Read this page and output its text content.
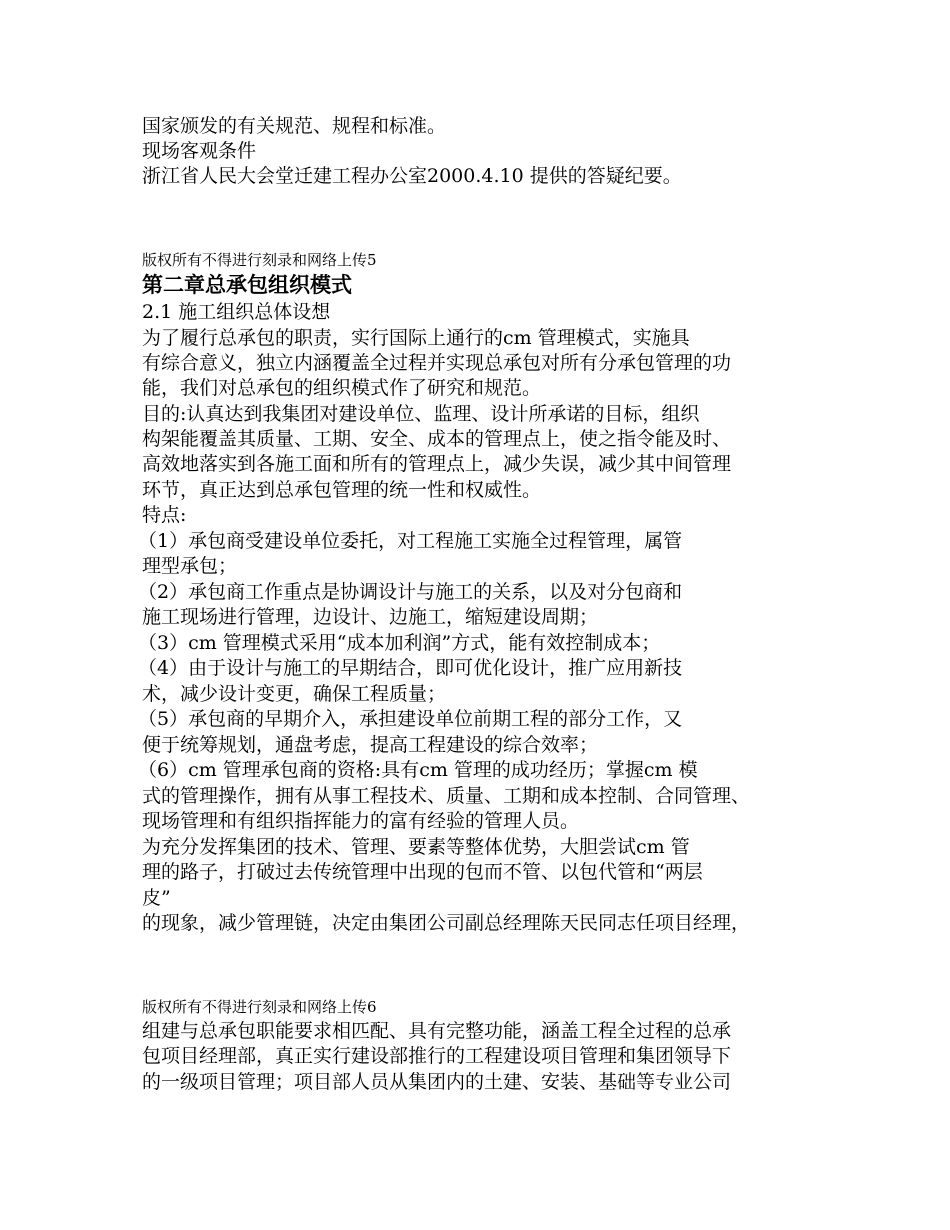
国家颁发的有关规范、规程和标准。
现场客观条件
浙江省人民大会堂迁建工程办公室2000.4.10 提供的答疑纪要。
版权所有不得进行刻录和网络上传5
第二章总承包组织模式
2.1 施工组织总体设想
为了履行总承包的职责，实行国际上通行的cm 管理模式，实施具
有综合意义，独立内涵覆盖全过程并实现总承包对所有分承包管理的功
能，我们对总承包的组织模式作了研究和规范。
目的:认真达到我集团对建设单位、监理、设计所承诺的目标，组织
构架能覆盖其质量、工期、安全、成本的管理点上，使之指令能及时、
高效地落实到各施工面和所有的管理点上，减少失误，减少其中间管理
环节，真正达到总承包管理的统一性和权威性。
特点:
（1）承包商受建设单位委托，对工程施工实施全过程管理，属管
理型承包；
（2）承包商工作重点是协调设计与施工的关系，以及对分包商和
施工现场进行管理，边设计、边施工，缩短建设周期；
（3）cm 管理模式采用“成本加利润”方式，能有效控制成本；
（4）由于设计与施工的早期结合，即可优化设计，推广应用新技
术，减少设计变更，确保工程质量；
（5）承包商的早期介入，承担建设单位前期工程的部分工作，又
便于统筹规划，通盘考虑，提高工程建设的综合效率；
（6）cm 管理承包商的资格:具有cm 管理的成功经历；掌握cm 模
式的管理操作，拥有从事工程技术、质量、工期和成本控制、合同管理、
现场管理和有组织指挥能力的富有经验的管理人员。
为充分发挥集团的技术、管理、要素等整体优势，大胆尝试cm 管
理的路子，打破过去传统管理中出现的包而不管、以包代管和“两层
皮”
的现象，减少管理链，决定由集团公司副总经理陈天民同志任项目经理，
版权所有不得进行刻录和网络上传6
组建与总承包职能要求相匹配、具有完整功能，涵盖工程全过程的总承
包项目经理部，真正实行建设部推行的工程建设项目管理和集团领导下
的一级项目管理；项目部人员从集团内的土建、安装、基础等专业公司
